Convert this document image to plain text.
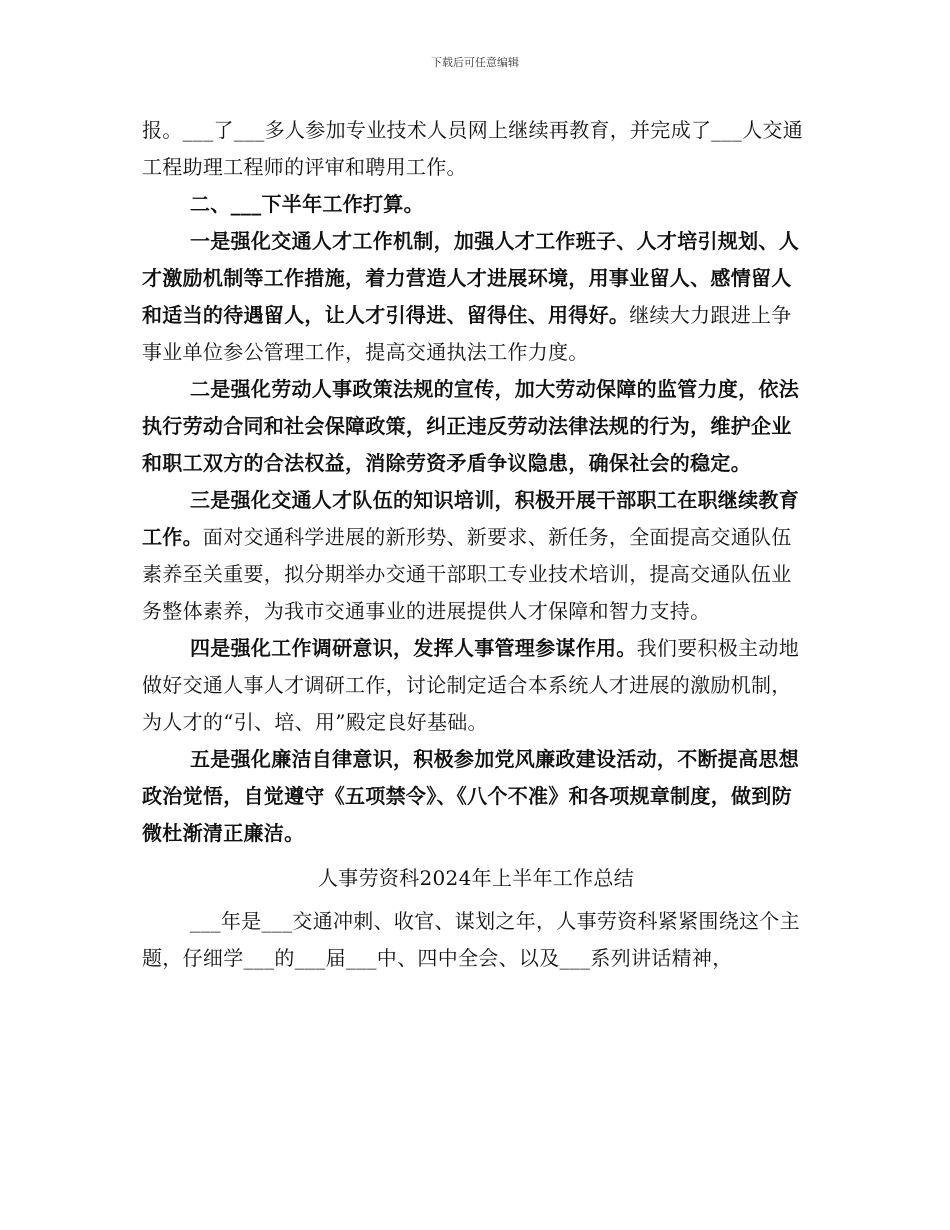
下载后可任意编辑

报。___了___多人参加专业技术人员网上继续再教育，并完成了___人交通工程助理工程师的评审和聘用工作。

二、___下半年工作打算。

一是强化交通人才工作机制，加强人才工作班子、人才培引规划、人才激励机制等工作措施，着力营造人才进展环境，用事业留人、感情留人和适当的待遇留人，让人才引得进、留得住、用得好。继续大力跟进上争事业单位参公管理工作，提高交通执法工作力度。

二是强化劳动人事政策法规的宣传，加大劳动保障的监管力度，依法执行劳动合同和社会保障政策，纠正违反劳动法律法规的行为，维护企业和职工双方的合法权益，消除劳资矛盾争议隐患，确保社会的稳定。

三是强化交通人才队伍的知识培训，积极开展干部职工在职继续教育工作。面对交通科学进展的新形势、新要求、新任务，全面提高交通队伍素养至关重要，拟分期举办交通干部职工专业技术培训，提高交通队伍业务整体素养，为我市交通事业的进展提供人才保障和智力支持。

四是强化工作调研意识，发挥人事管理参谋作用。我们要积极主动地做好交通人事人才调研工作，讨论制定适合本系统人才进展的激励机制，为人才的“引、培、用”殿定良好基础。

五是强化廉洁自律意识，积极参加党风廉政建设活动，不断提高思想政治觉悟，自觉遵守《五项禁令》、《八个不准》和各项规章制度，做到防微杜渐清正廉洁。

人事劳资科2024年上半年工作总结

___年是___交通冲刺、收官、谋划之年，人事劳资科紧紧围绕这个主题，仔细学___的___届___中、四中全会、以及___系列讲话精神，
